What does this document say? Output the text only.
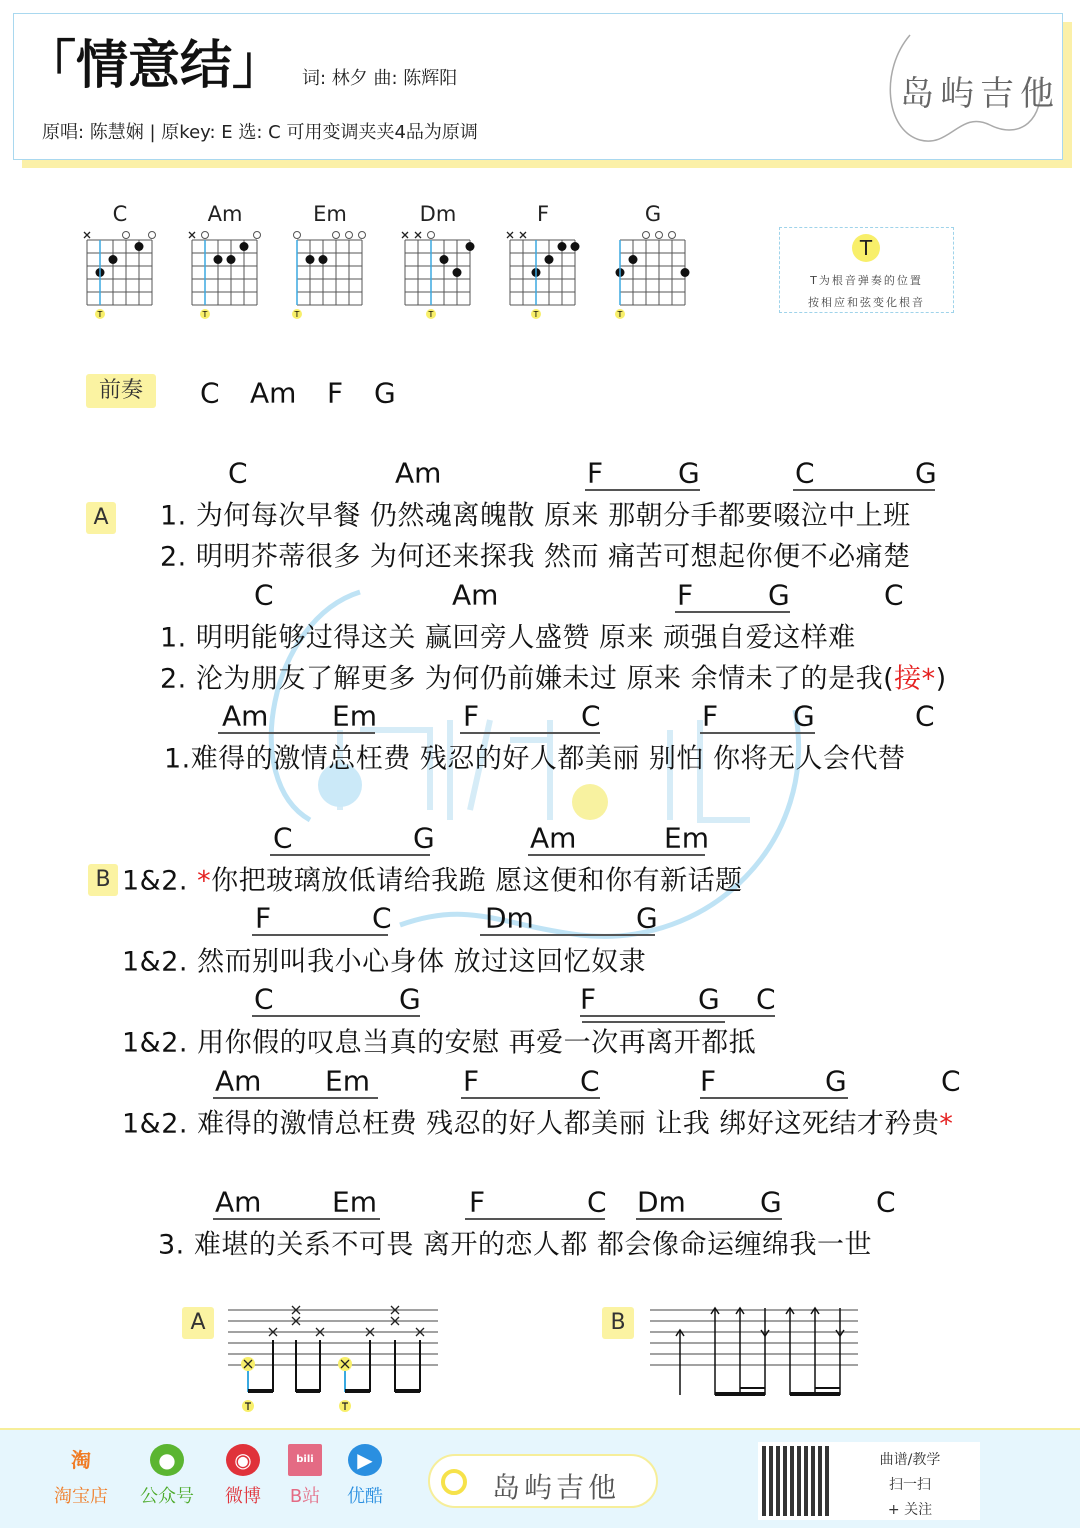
「情意结」 词: 林夕 曲: 陈辉阳
原唱: 陈慧娴 | 原key: E 选: C 可用变调夹夹4品为原调
岛屿吉他
T
T为根音弹奏的位置
按相应和弦变化根音
前奏
A
B
A	B
淘
淘宝店
●
公众号
◉
微博
bili
B站
▶
优酷	岛屿吉他
曲谱/教学
扫一扫
+ 关注
C
T
Am
T
Em
T
Dm
T
F
T
G
T
C Am F G
C	Am	F	G	C	G
1. 为何每次早餐 仍然魂离魄散 原来 那朝分手都要啜泣中上班
2. 明明芥蒂很多 为何还来探我 然而 痛苦可想起你便不必痛楚
C	Am	F	G	C
1. 明明能够过得这关 赢回旁人盛赞 原来 顽强自爱这样难
2. 沦为朋友了解更多 为何仍前嫌未过 原来 余情未了的是我(接*)
Am Em	F	C	F	G	C
1.难得的激情总枉费 残忍的好人都美丽 别怕 你将无人会代替
C	G	Am	Em
1&2. *你把玻璃放低请给我跪 愿这便和你有新话题
F	C	Dm	G
1&2. 然而别叫我小心身体 放过这回忆奴隶
C	G	F	G C
1&2. 用你假的叹息当真的安慰 再爱一次再离开都抵
Am Em	F	C	F	G	C
1&2. 难得的激情总枉费 残忍的好人都美丽 让我 绑好这死结才矜贵*
Am	Em	F	C Dm	G	C
3. 难堪的关系不可畏 离开的恋人都 都会像命运缠绵我一世
